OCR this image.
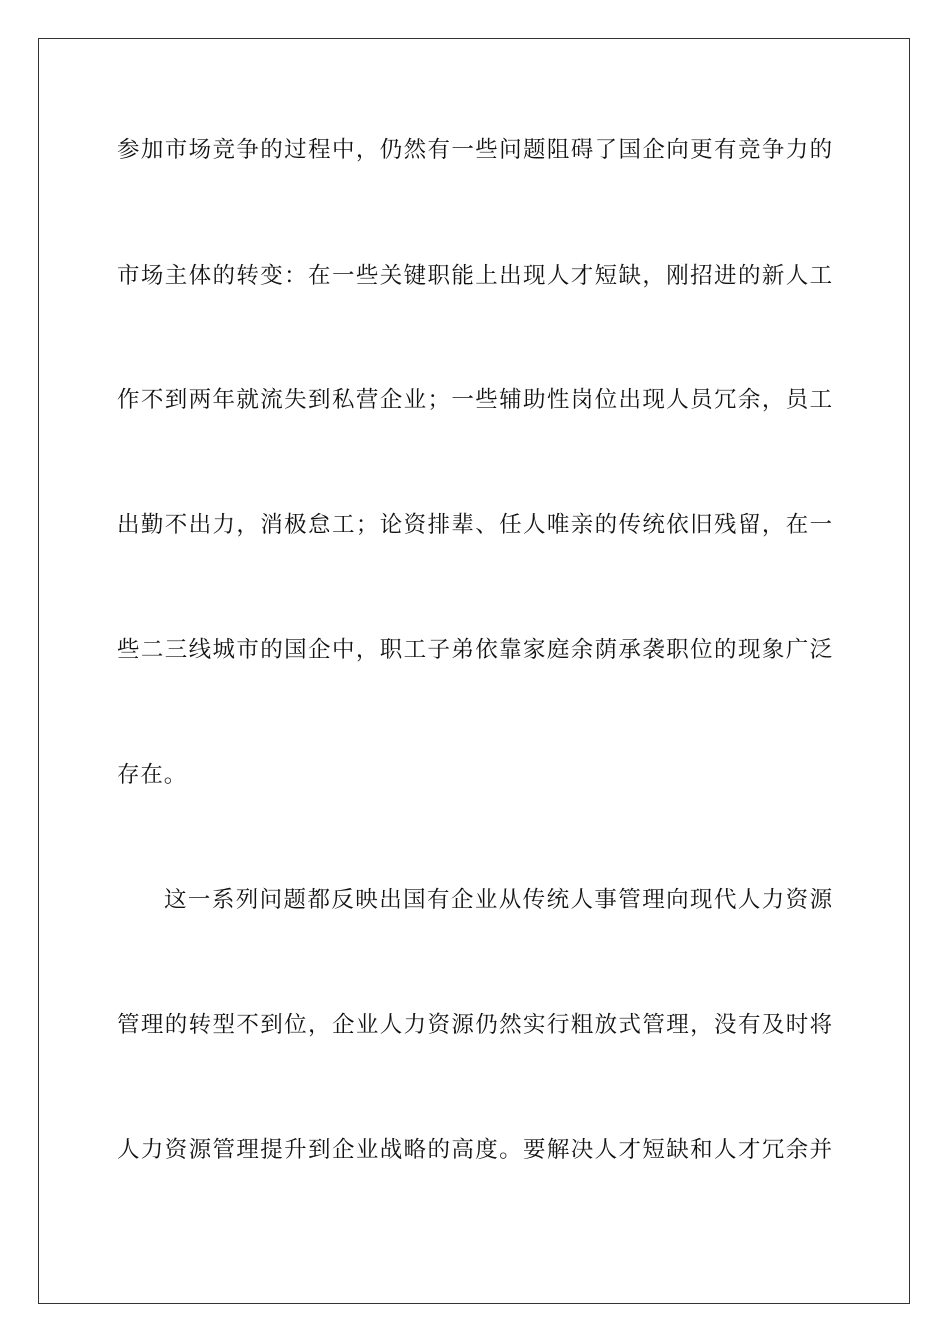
参加市场竞争的过程中，仍然有一些问题阻碍了国企向更有竞争力的
市场主体的转变：在一些关键职能上出现人才短缺，刚招进的新人工
作不到两年就流失到私营企业；一些辅助性岗位出现人员冗余，员工
出勤不出力，消极怠工；论资排辈、任人唯亲的传统依旧残留，在一
些二三线城市的国企中，职工子弟依靠家庭余荫承袭职位的现象广泛
存在。
这一系列问题都反映出国有企业从传统人事管理向现代人力资源
管理的转型不到位，企业人力资源仍然实行粗放式管理，没有及时将
人力资源管理提升到企业战略的高度。要解决人才短缺和人才冗余并
